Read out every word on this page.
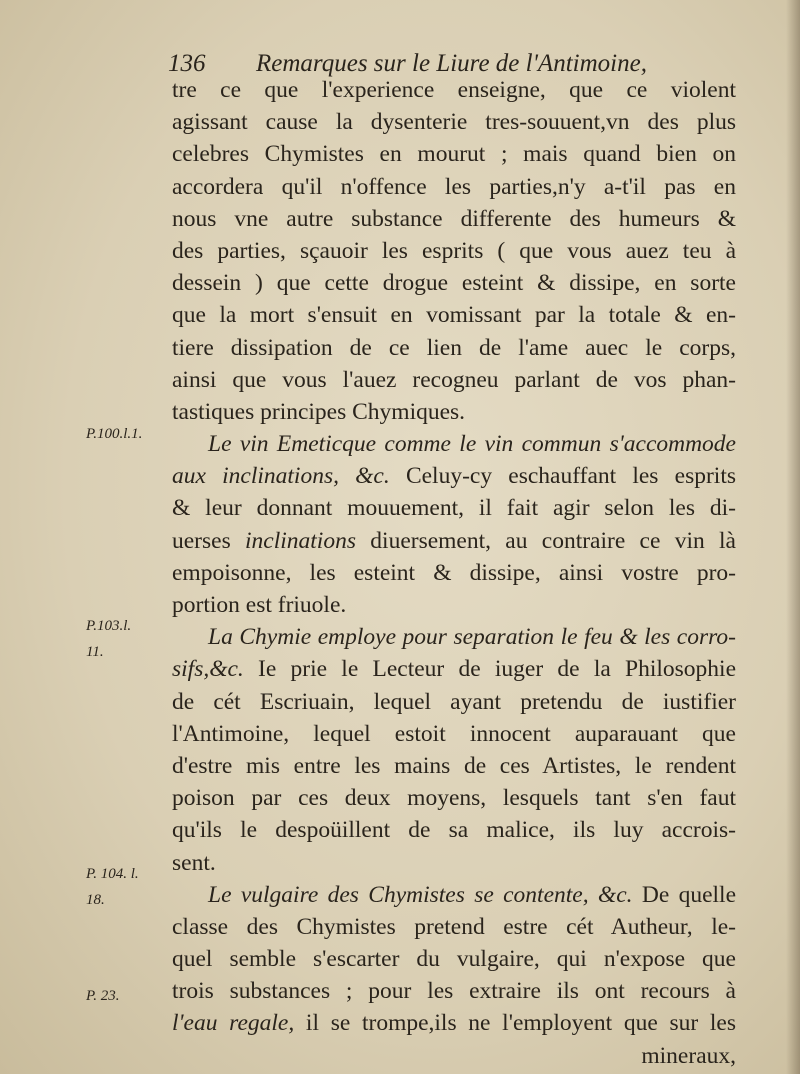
136 Remarques sur le Liure de l'Antimoine,
tre ce que l'experience enseigne, que ce violent
agissant cause la dysenterie tres-souuent,vn des plus
celebres Chymistes en mourut ; mais quand bien on
accordera qu'il n'offence les parties,n'y a-t'il pas en
nous vne autre substance differente des humeurs &
des parties, sçauoir les esprits ( que vous auez teu à
dessein ) que cette drogue esteint & dissipe, en sorte
que la mort s'ensuit en vomissant par la totale & en-
tiere dissipation de ce lien de l'ame auec le corps,
ainsi que vous l'auez recogneu parlant de vos phan-
tastiques principes Chymiques.
Le vin Emeticque comme le vin commun s'accommode
aux inclinations, &c. Celuy-cy eschauffant les esprits
& leur donnant mouuement, il fait agir selon les di-
uerses inclinations diuersement, au contraire ce vin là
empoisonne, les esteint & dissipe, ainsi vostre pro-
portion est friuole.
La Chymie employe pour separation le feu & les corro-
sifs,&c. Ie prie le Lecteur de iuger de la Philosophie
de cét Escriuain, lequel ayant pretendu de iustifier
l'Antimoine, lequel estoit innocent auparauant que
d'estre mis entre les mains de ces Artistes, le rendent
poison par ces deux moyens, lesquels tant s'en faut
qu'ils le despoüillent de sa malice, ils luy accrois-
sent.
Le vulgaire des Chymistes se contente, &c. De quelle
classe des Chymistes pretend estre cét Autheur, le-
quel semble s'escarter du vulgaire, qui n'expose que
trois substances ; pour les extraire ils ont recours à
l'eau regale, il se trompe,ils ne l'employent que sur les
mineraux,
P.100.l.1.
P.103.l.
11.
P. 104. l.
18.
P. 23.
